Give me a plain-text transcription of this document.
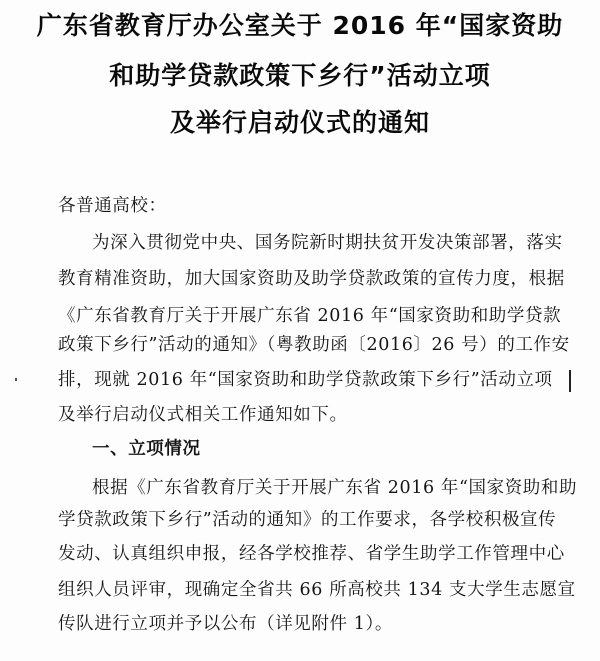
广东省教育厅办公室关于 2016 年“国家资助
和助学贷款政策下乡行”活动立项
及举行启动仪式的通知
各普通高校：
为深入贯彻党中央、国务院新时期扶贫开发决策部署，落实
教育精准资助，加大国家资助及助学贷款政策的宣传力度，根据
《广东省教育厅关于开展广东省 2016 年“国家资助和助学贷款
政策下乡行”活动的通知》（粤教助函〔2016〕26 号）的工作安
排，现就 2016 年“国家资助和助学贷款政策下乡行”活动立项
及举行启动仪式相关工作通知如下。
一、立项情况
根据《广东省教育厅关于开展广东省 2016 年“国家资助和助
学贷款政策下乡行”活动的通知》的工作要求，各学校积极宣传
发动、认真组织申报，经各学校推荐、省学生助学工作管理中心
组织人员评审，现确定全省共 66 所高校共 134 支大学生志愿宣
传队进行立项并予以公布（详见附件 1）。
